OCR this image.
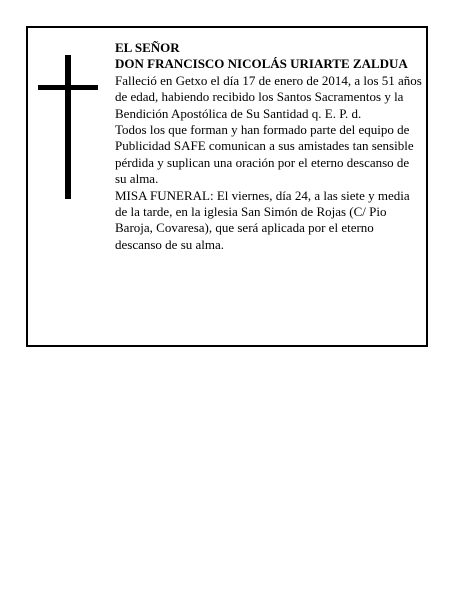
EL SEÑOR

DON FRANCISCO NICOLÁS URIARTE ZALDUA

Falleció en Getxo el día 17 de enero de 2014, a los 51 años de edad, habiendo recibido los Santos Sacramentos y la Bendición Apostólica de Su Santidad q. E. P. d.

Todos los que forman y han formado parte del equipo de Publicidad SAFE comunican a sus amistades tan sensible pérdida y suplican una oración por el eterno descanso de su alma.

MISA FUNERAL: El viernes, día 24, a las siete y media de la tarde, en la iglesia San Simón de Rojas (C/ Pio Baroja, Covaresa), que será aplicada por el eterno descanso de su alma.
